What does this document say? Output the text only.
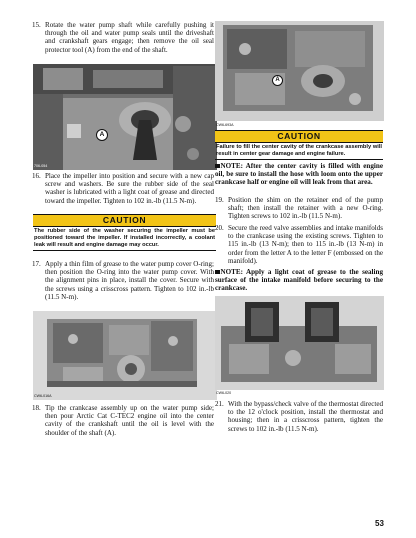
15. Rotate the water pump shaft while carefully pushing it through the oil and water pump seals until the driveshaft and crankshaft gears engage; then remove the oil seal protector tool (A) from the end of the shaft.
706-054
A
16. Place the impeller into position and secure with a new cap screw and washers. Be sure the rubber side of the seal washer is lubricated with a light coat of grease and directed toward the impeller. Tighten to 102 in.-lb (11.5 N-m).
CAUTION
The rubber side of the washer securing the impeller must be positioned toward the impeller. If installed incorrectly, a coolant leak will result and engine damage may occur.
17. Apply a thin film of grease to the water pump cover O-ring; then position the O-ring into the water pump cover. With the alignment pins in place, install the cover. Secure with the screws using a crisscross pattern. Tighten to 102 in.-lb (11.5 N-m).
CW6-016A
18. Tip the crankcase assembly up on the water pump side; then pour Arctic Cat C-TEC2 engine oil into the center cavity of the crankshaft until the oil is level with the shoulder of the shaft (A).
A
CW6-693A
CAUTION
Failure to fill the center cavity of the crankcase assembly will result in center gear damage and engine failure.
NOTE: After the center cavity is filled with engine oil, be sure to install the hose with loom onto the upper crankcase half or engine oil will leak from that area.
19. Position the shim on the retainer end of the pump shaft; then install the retainer with a new O-ring. Tighten screws to 102 in.-lb (11.5 N-m).
20. Secure the reed valve assemblies and intake manifolds to the crankcase using the existing screws. Tighten to 115 in.-lb (13 N-m); then to 115 in.-lb (13 N-m) in order from the letter A to the letter F (embossed on the manifold).
NOTE: Apply a light coat of grease to the sealing surface of the intake manifold before securing to the crankcase.
CW6-020
21. With the bypass/check valve of the thermostat directed to the 12 o'clock position, install the thermostat and housing; then in a crisscross pattern, tighten the screws to 102 in.-lb (11.5 N-m).
53
